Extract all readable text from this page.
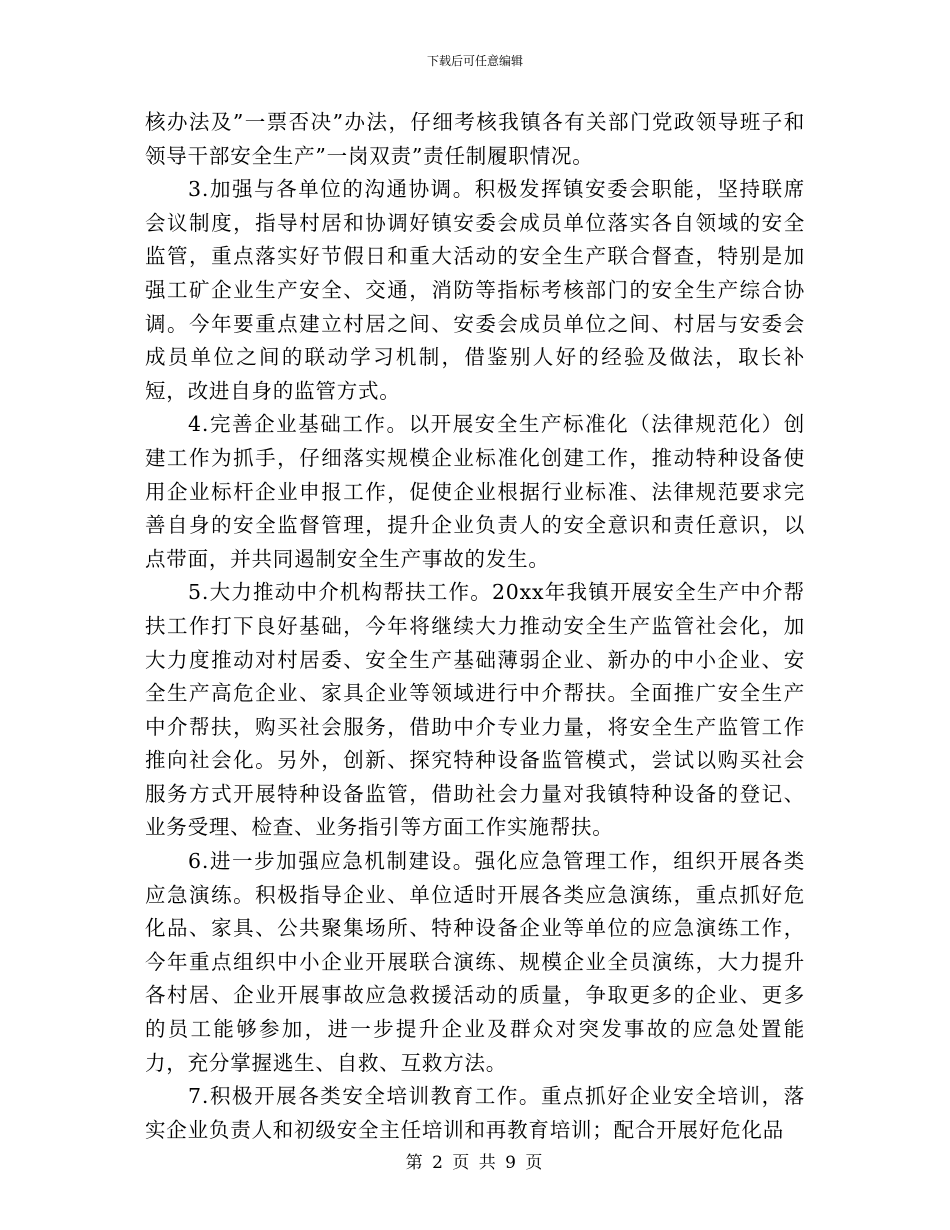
下载后可任意编辑

核办法及”一票否决”办法，仔细考核我镇各有关部门党政领导班子和领导干部安全生产”一岗双责”责任制履职情况。

3.加强与各单位的沟通协调。积极发挥镇安委会职能，坚持联席会议制度，指导村居和协调好镇安委会成员单位落实各自领域的安全监管，重点落实好节假日和重大活动的安全生产联合督查，特别是加强工矿企业生产安全、交通，消防等指标考核部门的安全生产综合协调。今年要重点建立村居之间、安委会成员单位之间、村居与安委会成员单位之间的联动学习机制，借鉴别人好的经验及做法，取长补短，改进自身的监管方式。

4.完善企业基础工作。以开展安全生产标准化（法律规范化）创建工作为抓手，仔细落实规模企业标准化创建工作，推动特种设备使用企业标杆企业申报工作，促使企业根据行业标准、法律规范要求完善自身的安全监督管理，提升企业负责人的安全意识和责任意识，以点带面，并共同遏制安全生产事故的发生。

5.大力推动中介机构帮扶工作。20xx年我镇开展安全生产中介帮扶工作打下良好基础，今年将继续大力推动安全生产监管社会化，加大力度推动对村居委、安全生产基础薄弱企业、新办的中小企业、安全生产高危企业、家具企业等领域进行中介帮扶。全面推广安全生产中介帮扶，购买社会服务，借助中介专业力量，将安全生产监管工作推向社会化。另外，创新、探究特种设备监管模式，尝试以购买社会服务方式开展特种设备监管，借助社会力量对我镇特种设备的登记、业务受理、检查、业务指引等方面工作实施帮扶。

6.进一步加强应急机制建设。强化应急管理工作，组织开展各类应急演练。积极指导企业、单位适时开展各类应急演练，重点抓好危化品、家具、公共聚集场所、特种设备企业等单位的应急演练工作，今年重点组织中小企业开展联合演练、规模企业全员演练，大力提升各村居、企业开展事故应急救援活动的质量，争取更多的企业、更多的员工能够参加，进一步提升企业及群众对突发事故的应急处置能力，充分掌握逃生、自救、互救方法。

7.积极开展各类安全培训教育工作。重点抓好企业安全培训，落实企业负责人和初级安全主任培训和再教育培训；配合开展好危化品

第 2 页 共 9 页
